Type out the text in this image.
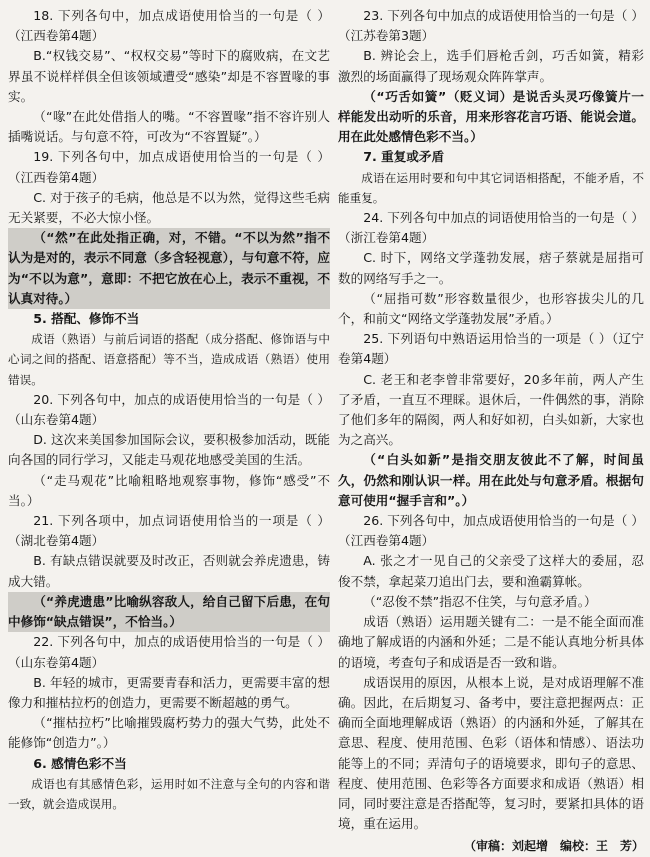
18. 下列各句中，加点成语使用恰当的一句是（ ）（江西卷第4题）

B.“权钱交易”、“权权交易”等时下的腐败病，在文艺界虽不说样样俱全但该领域遭受“感染”却是不容置喙的事实。

（“喙”在此处借指人的嘴。“不容置喙”指不容许别人插嘴说话。与句意不符，可改为“不容置疑”。）

19. 下列各句中，加点成语使用恰当的一句是（ ）（江西卷第4题）

C. 对于孩子的毛病，他总是不以为然，觉得这些毛病无关紧要，不必大惊小怪。

（“然”在此处指正确，对，不错。“不以为然”指不认为是对的，表示不同意（多含轻视意），与句意不符，应为“不以为意”，意即：不把它放在心上，表示不重视，不认真对待。）

5. 搭配、修饰不当

成语（熟语）与前后词语的搭配（成分搭配、修饰语与中心词之间的搭配、语意搭配）等不当，造成成语（熟语）使用错误。

20. 下列各句中，加点的成语使用恰当的一句是（ ）（山东卷第4题）

D. 这次来美国参加国际会议，要积极参加活动，既能向各国的同行学习，又能走马观花地感受美国的生活。

（“走马观花”比喻粗略地观察事物，修饰“感受”不当。）

21. 下列各项中，加点词语使用恰当的一项是（ ）（湖北卷第4题）

B. 有缺点错误就要及时改正，否则就会养虎遗患，铸成大错。

（“养虎遗患”比喻纵容敌人，给自己留下后患，在句中修饰“缺点错误”，不恰当。）

22. 下列各句中，加点的成语使用恰当的一句是（ ）（山东卷第4题）

B. 年轻的城市，更需要青春和活力，更需要丰富的想像力和摧枯拉朽的创造力，更需要不断超越的勇气。

（“摧枯拉朽”比喻摧毁腐朽势力的强大气势，此处不能修饰“创造力”。）

6. 感情色彩不当

成语也有其感情色彩，运用时如不注意与全句的内容和谐一致，就会造成误用。

23. 下列各句中加点的成语使用恰当的一句是（ ）（江苏卷第3题）

B. 辨论会上，选手们唇枪舌剑，巧舌如簧，精彩激烈的场面赢得了现场观众阵阵掌声。

（“巧舌如簧”（贬义词）是说舌头灵巧像簧片一样能发出动听的乐音，用来形容花言巧语、能说会道。用在此处感情色彩不当。）

7. 重复或矛盾

成语在运用时要和句中其它词语相搭配，不能矛盾，不能重复。

24. 下列各句中加点的词语使用恰当的一句是（ ）（浙江卷第4题）

C. 时下，网络文学蓬勃发展，痞子蔡就是屈指可数的网络写手之一。

（“屈指可数”形容数量很少，也形容拔尖儿的几个，和前文“网络文学蓬勃发展”矛盾。）

25. 下列语句中熟语运用恰当的一项是（ ）（辽宁卷第4题）

C. 老王和老李曾非常要好，20多年前，两人产生了矛盾，一直互不理睬。退休后，一件偶然的事，消除了他们多年的隔阂，两人和好如初，白头如新，大家也为之高兴。

（“白头如新”是指交朋友彼此不了解，时间虽久，仍然和刚认识一样。用在此处与句意矛盾。根据句意可使用“握手言和”。）

26. 下列各句中，加点成语使用恰当的一句是（ ）（江西卷第4题）

A. 张之才一见自己的父亲受了这样大的委屈，忍俊不禁，拿起菜刀追出门去，要和渔霸算帐。

（“忍俊不禁”指忍不住笑，与句意矛盾。）

成语（熟语）运用题关键有二：一是不能全面而准确地了解成语的内涵和外延；二是不能认真地分析具体的语境，考查句子和成语是否一致和谐。

成语误用的原因，从根本上说，是对成语理解不准确。因此，在后期复习、备考中，要注意把握两点：正确而全面地理解成语（熟语）的内涵和外延，了解其在意思、程度、使用范围、色彩（语体和情感）、语法功能等上的不同；弄清句子的语境要求，即句子的意思、程度、使用范围、色彩等各方面要求和成语（熟语）相同，同时要注意是否搭配等，复习时，要紧扣具体的语境，重在运用。

（审稿：刘起增　编校：王　芳）
